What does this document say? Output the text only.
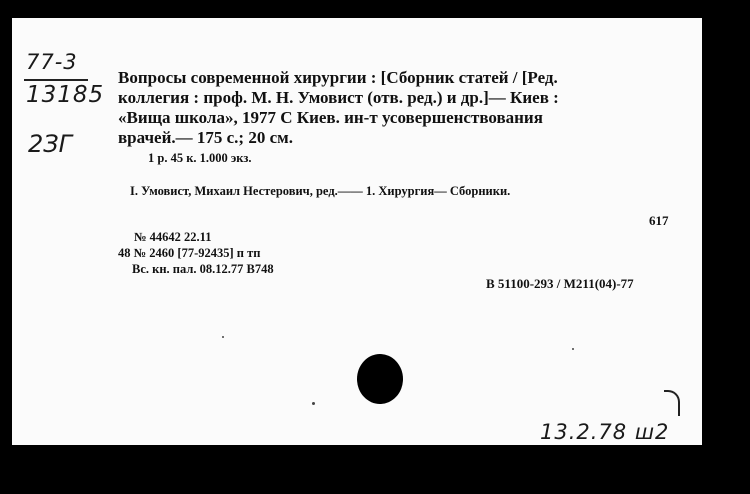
77-3
13185
2ЗГ
Вопросы современной хирургии : [Сборник статей / [Ред.
коллегия : проф. М. Н. Умовист (отв. ред.) и др.]— Киев :
«Вища школа», 1977 С Киев. ин-т усовершенствования
врачей.— 175 с.; 20 см.
1 р. 45 к. 1.000 экз.
I. Умовист, Михаил Нестерович, ред.—— 1. Хирургия— Сборники.
617
№ 44642 22.11
48 № 2460 [77-92435] п тп
Вс. кн. пал. 08.12.77 В748
В 51100-293 / М211(04)-77
13.2.78 ш2
